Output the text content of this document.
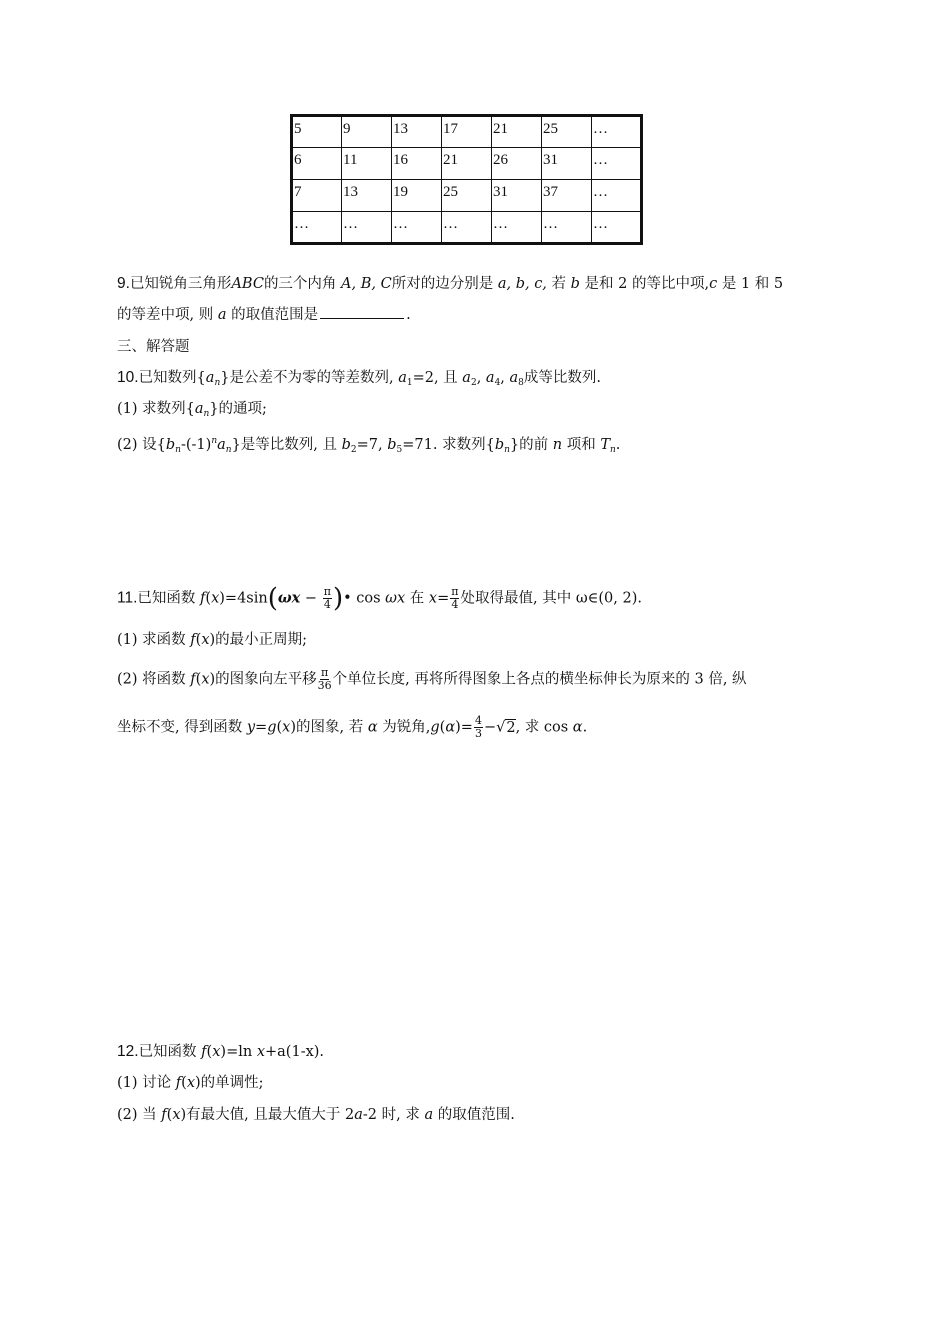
5	9	13	17	21	25	…
6	11	16	21	26	31	…
7	13	19	25	31	37	…
…	…	…	…	…	…	…
9.已知锐角三角形ABC的三个内角 A, B, C所对的边分别是 a, b, c, 若 b 是和 2 的等比中项,c 是 1 和 5
的等差中项, 则 a 的取值范围是	.
三、解答题
10.已知数列$\{a_n\}$是公差不为零的等差数列, $a_1=2$, 且 $a_2$, $a_4$, $a_8$成等比数列.
(1) 求数列$\{a_n\}$的通项;
(2) 设$\{b_n-(-1)^na_n\}$是等比数列, 且 $b_2=7$, $b_5=71$. 求数列$\{b_n\}$的前 n 项和 $T_n$.
11.已知函数 $f(x)=4\sin(\omega x - \frac{\pi}{4}$ )• cos ωx 在 $x= \frac{\pi}{4}$ 处取得最值, 其中 ω∈(0, 2).
(1) 求函数 f(x)的最小正周期;
(2) 将函数 f(x)的图象向左平移 $\frac{\pi}{36}$ 个单位长度, 再将所得图象上各点的横坐标伸长为原来的 3 倍, 纵
坐标不变, 得到函数 y=g(x)的图象, 若 α 为锐角$,g(\alpha)= \frac{4}{3} -√2$, 求 cos α.
12.已知函数 f(x)=ln x+a(1-x).
(1) 讨论 f(x)的单调性;
(2) 当 f(x)有最大值, 且最大值大于 2a-2 时, 求 a 的取值范围.
